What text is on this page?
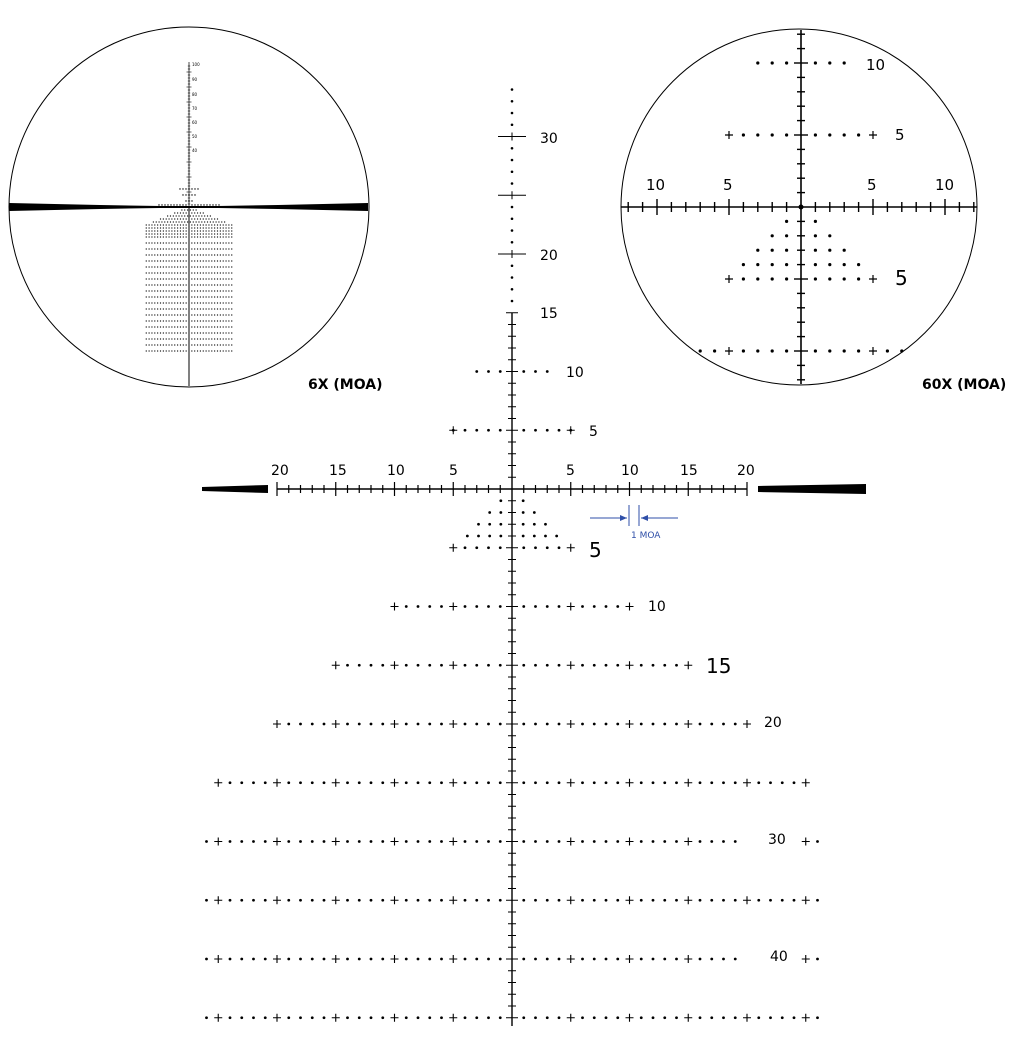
6X (MOA)	60X (MOA)
1 MOA
20	15	10	5	5	10	15	20
30
20
15
10
5
5
10
15
20
30
40
10	5	5	10
10
5
5
100
90
80
70
60
50
40
